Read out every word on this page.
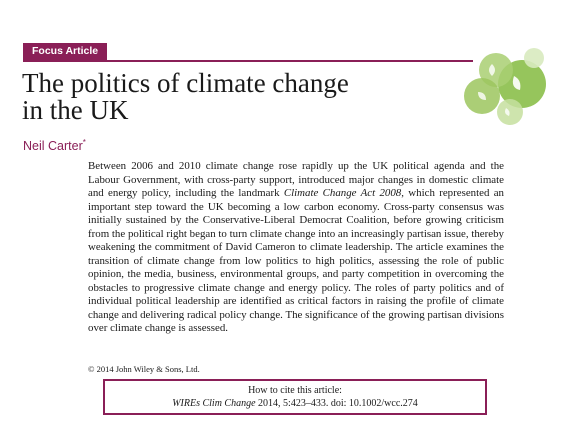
Focus Article
The politics of climate change
in the UK
Neil Carter*

Between 2006 and 2010 climate change rose rapidly up the UK political agenda and the Labour Government, with cross-party support, introduced major changes in domestic climate and energy policy, including the landmark Climate Change Act 2008, which represented an important step toward the UK becoming a low carbon economy. Cross-party consensus was initially sustained by the Conservative-Liberal Democrat Coalition, before growing criticism from the political right began to turn climate change into an increasingly partisan issue, thereby weakening the commitment of David Cameron to climate leadership. The article examines the transition of climate change from low politics to high politics, assessing the role of public opinion, the media, business, environmental groups, and party competition in overcoming the obstacles to progressive climate change and energy policy. The roles of party politics and of individual political leadership are identified as critical factors in raising the profile of climate change and delivering radical policy change. The significance of the growing partisan divisions over climate change is assessed.

© 2014 John Wiley & Sons, Ltd.
How to cite this article:
WIREs Clim Change 2014, 5:423–433. doi: 10.1002/wcc.274
